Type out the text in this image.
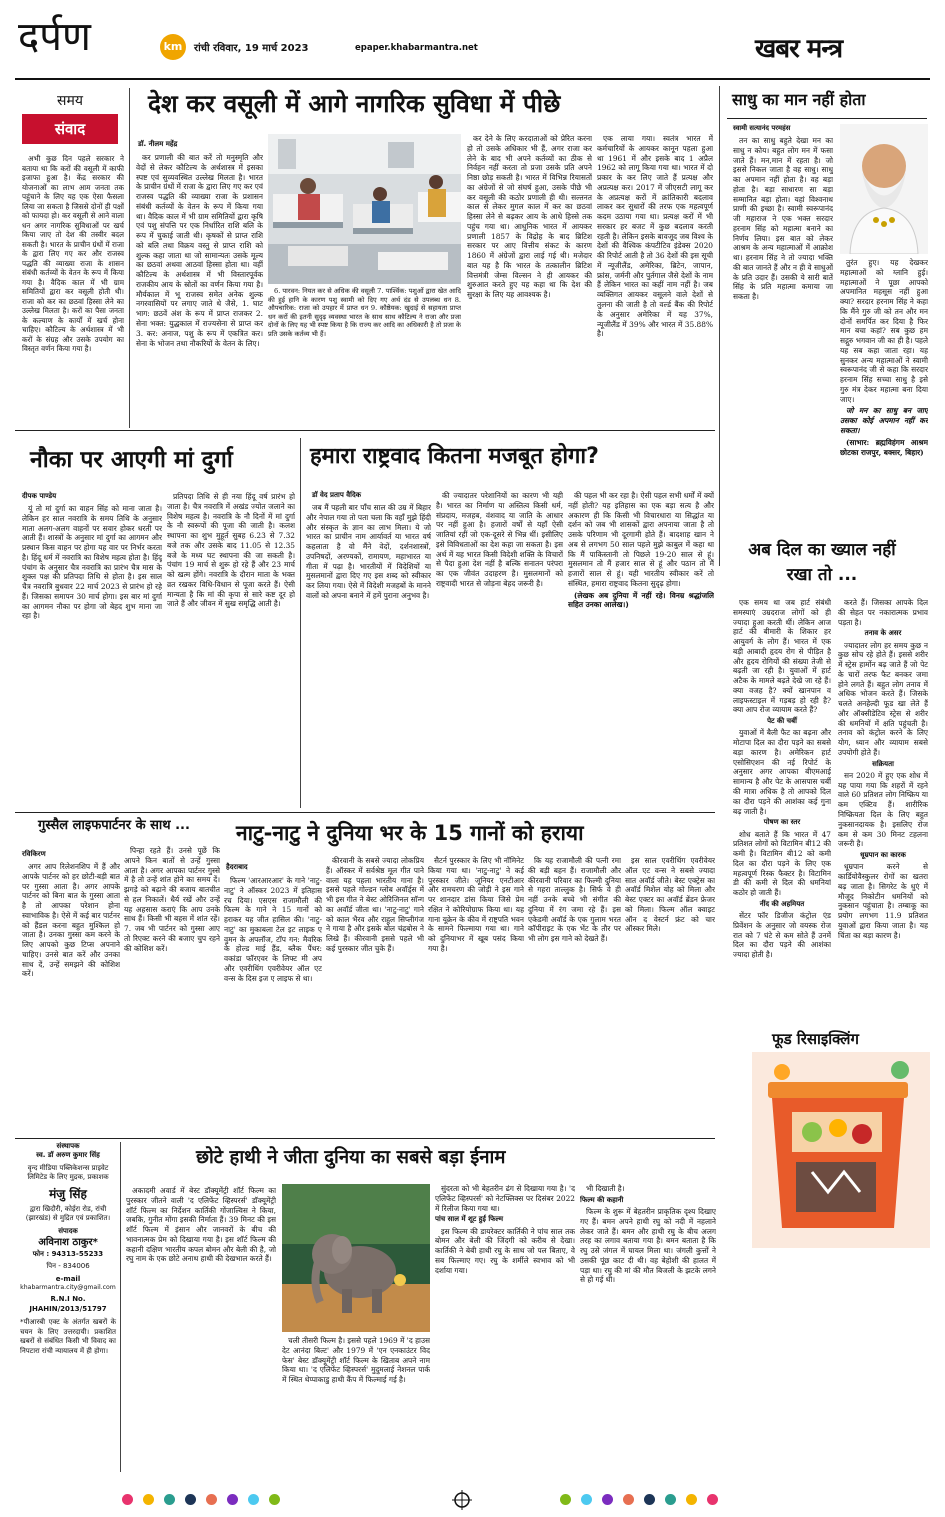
दर्पण	km	रांची रविवार, 19 मार्च 2023	epaper.khabarmantra.net	खबर मन्त्र
समय
संवाद

अभी कुछ दिन पहले सरकार ने बताया था कि करों की वसूली में काफी इजाफा हुआ है। केंद्र सरकार की योजनाओं का लाभ आम जनता तक पहुंचाने के लिए यह एक ऐसा फैसला लिया जा सकता है जिससे दोनों ही पक्षों को फायदा हो। कर वसूली से आने वाला धन अगर नागरिक सुविधाओं पर खर्च किया जाए तो देश की तस्वीर बदल सकती है। भारत के प्राचीन ग्रंथों में राजा के द्वारा लिए गए कर और राजस्व पद्धति की व्याख्या राजा के शासन संबंधी कर्तव्यों के वेतन के रूप में किया गया है। वैदिक काल में भी ग्राम समितियों द्वारा कर वसूली होती थी। राजा को कर का छठवां हिस्सा लेने का उल्लेख मिलता है। करों का पैसा जनता के कल्याण के कार्यों में खर्च होना चाहिए। कौटिल्य के अर्थशास्त्र में भी करों के संग्रह और उसके उपयोग का विस्तृत वर्णन किया गया है।

देश कर वसूली में आगे नागरिक सुविधा में पीछे
डॉ. नीलम महेंद्र

कर प्रणाली की बात करें तो मनुस्मृति और वेदों से लेकर कौटिल्य के अर्थशास्त्र में इसका स्पष्ट एवं सुव्यवस्थित उल्लेख मिलता है। भारत के प्राचीन ग्रंथों में राजा के द्वारा लिए गए कर एवं राजस्व पद्धति की व्याख्या राजा के प्रशासन संबंधी कर्तव्यों के वेतन के रूप में किया गया था। वैदिक काल में भी ग्राम समितियों द्वारा कृषि एवं पशु संपत्ति पर एक निर्धारित राशि बलि के रूप में चुकाई जाती थी। कृषकों से प्राप्त राशि को बलि तथा विक्रय वस्तु से प्राप्त राशि को शुल्क कहा जाता था जो सामान्यतः उसके मूल्य का छठवां अथवा आठवां हिस्सा होता था। वहीं कौटिल्य के अर्थशास्त्र में भी विस्तारपूर्वक राजकीय आय के स्रोतों का वर्णन किया गया है। मौर्यकाल में भू राजस्व समेत अनेक शुल्क नगरवासियों पर लगाए जाते थे जैसे, 1. घाट भाग: छठवें अंश के रूप में प्राप्त राजकर 2. सेना भक्त: युद्धकाल में राज्यसेना से प्राप्त कर 3. कर: अनाज, पशु के रूप में एकत्रित कर। सेना के भोजन तथा नौकरियों के वेतन के लिए।

6. पारवन: नियत कर से अधिक की वसूली 7. पार्श्विक: पशुओं द्वारा खेत आदि की हुई हानि के कारण पशु स्वामी को दिए गए अर्थ दंड से उपलब्ध धन 8. औपचारिक: राजा को उपहार में प्राप्त धन 9. कौष्ठेयक: खुदाई से सहायता प्राप्त धन करों की इतनी सुदृढ़ व्यवस्था भारत के साथ साथ कौटिल्य ने राजा और प्रजा दोनों के लिए यह भी स्पष्ट किया है कि राज्य कर आदि का अधिकारी है तो प्रजा के प्रति उसके कर्तव्य भी हैं।

कर देने के लिए करदाताओं को प्रेरित करना हो तो उसके अधिकार भी हैं, अगर राजा कर लेने के बाद भी अपने कर्तव्यों का ठीक से निर्वहन नहीं करता तो प्रजा उसके प्रति अपने निष्ठा छोड़ सकती है। भारत में विभिन्न रियासतों का अंग्रेजों से जो संघर्ष हुआ, उसके पीछे भी कर वसूली की कठोर प्रणाली ही थी। सल्तनत काल से लेकर मुगल काल में कर का छठवां हिस्सा लेने से बढ़कर आय के आधे हिस्से तक पहुंच गया था। आधुनिक भारत में आयकर प्रणाली 1857 के विद्रोह के बाद ब्रिटिश सरकार पर आए वित्तीय संकट के कारण 1860 में अंग्रेजों द्वारा लाई गई थी। मजेदार बात यह है कि भारत के तत्कालीन ब्रिटिश वित्तमंत्री जेम्स विल्सन ने ही आयकर की शुरुआत करते हुए यह कहा था कि देश की सुरक्षा के लिए यह आवश्यक है।

एक लाया गया। स्वतंत्र भारत में कर्मचारियों के आयकर कानून पहला हुआ था 1961 में और इसके बाद 1 अप्रैल 1962 को लागू किया गया था। भारत में दो प्रकार के कर लिए जाते हैं प्रत्यक्ष और अप्रत्यक्ष कर। 2017 में जीएसटी लागू कर के अप्रत्यक्ष करों में क्रांतिकारी बदलाव लाकर कर सुधारों की तरफ एक महत्वपूर्ण कदम उठाया गया था। प्रत्यक्ष करों में भी सरकार हर बजट में कुछ बदलाव करती रहती है। लेकिन इसके बावजूद जब विश्व के देशों की वैश्विक कंपटीटिव इंडेक्स 2020 की रिपोर्ट आती है तो 36 देशों की इस सूची में न्यूजीलैंड, अमेरिका, ब्रिटेन, जापान, फ्रांस, जर्मनी और पुर्तगाल जैसे देशों के नाम हैं लेकिन भारत का कहीं नाम नहीं है। जब व्यक्तिगत आयकर वसूलने वाले देशों से तुलना की जाती है तो वर्ल्ड बैंक की रिपोर्ट के अनुसार अमेरिका में यह 37%, न्यूजीलैंड में 39% और भारत में 35.88% है।

साधु का मान नहीं होता
स्वामी सत्यानंद परमहंस

तन का साधु बहुते देखा मन का साधु न कोय। बहुत लोग मन में फसा जाते हैं। मन,मान में रहता है। जो इससे निकल जाता है वह साधु। साधु का अपमान नहीं होता है। वह बड़ा होता है। बड़ा साधारण सा बड़ा सम्मानित बड़ा होता। यहां विश्वनाथ प्राणी की इच्छा है। स्वामी स्वरूपानंद जी महाराज ने एक भक्त सरदार हरनाम सिंह को महात्मा बनाने का निर्णय लिया। इस बात को लेकर आश्रम के अन्य महात्माओं में आक्रोश था। हरनाम सिंह ने तो ज्यादा भक्ति की बात जानते हैं और न ही वे साधुओं के प्रति उदार हैं। उसकी ये सारी बातें सिंह के प्रति महात्मा कमाया जा सकता है।

तुरंत हुए। यह देखकर महात्माओं को ग्लानि हुई। महात्माओं ने पूछा आपको अपमानित महसूस नहीं हुआ क्या? सरदार हरनाम सिंह ने कहा कि मैंने गुरु जी को तन और मन दोनों समर्पित कर दिया है फिर मान बचा कहां? सब कुछ हम सद्गुरु भगवान जी का ही है। पहले यह सब कहा जाता रहा। यह सुनकर अन्य महात्माओं ने स्वामी स्वरूपानंद जी से कहा कि सरदार हरनाम सिंह सच्चा साधु है इसे गुरु मंत्र देकर महात्मा बना दिया जाए।

जो मन का साधु बन जाए उसका कोई अपमान नहीं कर सकता।

(साभार: ब्रह्मविहंगम आश्रम छोटका राजपुर, बक्सर, बिहार)

नौका पर आएगी मां दुर्गा
दीपक पाण्डेय

यूं तो मां दुर्गा का वाहन सिंह को माना जाता है। लेकिन हर साल नवरात्रि के समय तिथि के अनुसार माता अलग-अलग वाहनों पर सवार होकर धरती पर आती हैं। शास्त्रों के अनुसार मां दुर्गा का आगमन और प्रस्थान किस वाहन पर होगा यह वार पर निर्भर करता है। हिंदू धर्म में नवरात्रि का विशेष महत्व होता है। हिंदू पंचांग के अनुसार चैत्र नवरात्रि का प्रारंभ चैत्र मास के शुक्ल पक्ष की प्रतिपदा तिथि से होता है। इस साल चैत्र नवरात्रि बुधवार 22 मार्च 2023 से प्रारंभ हो रहे हैं। जिसका समापन 30 मार्च होगा। इस बार मां दुर्गा का आगमन नौका पर होगा जो बेहद शुभ माना जा रहा है।

प्रतिपदा तिथि से ही नया हिंदू वर्ष प्रारंभ हो जाता है। चैत्र नवरात्रि में अखंड ज्योत जलाने का विशेष महत्व है। नवरात्रि के नौ दिनों में मां दुर्गा के नौ स्वरूपों की पूजा की जाती है। कलश स्थापना का शुभ मुहूर्त सुबह 6.23 से 7.32 बजे तक और उसके बाद 11.05 से 12.35 बजे के मध्य घट स्थापना की जा सकती है। पंचांग 19 मार्च से शुरू हो रहे हैं और 23 मार्च को खत्म होंगे। नवरात्रि के दौरान माता के भक्त व्रत रखकर विधि-विधान से पूजा करते हैं। ऐसी मान्यता है कि मां की कृपा से सारे कष्ट दूर हो जाते हैं और जीवन में सुख समृद्धि आती है।

हमारा राष्ट्रवाद कितना मजबूत होगा?
डॉ वेद प्रताप वैदिक

जब मैं पहली बार पाँच साल की उम्र में बिहार और नेपाल गया तो पता चला कि वहाँ मुझे हिंदी और संस्कृत के ज्ञान का लाभ मिला। ये जो भारत का प्राचीन नाम आर्यावर्त या भारत वर्ष कहलाता है वो मैंने वेदों, दर्शनशास्त्रों, उपनिषदों, अरण्यकों, रामायण, महाभारत या गीता में पढ़ा है। भारतीयों में विदेशियों या मुसलमानों द्वारा दिए गए इस शब्द को स्वीकार कर लिया गया। ऐसे में विदेशी मजहबों के मानने वालों को अपना बनाने में हमें पुराना अनुभव है।

की ज्यादातर परेशानियों का कारण भी यही है। भारत का निर्माण या अस्तित्व किसी धर्म, संप्रदाय, मजहब, वंशवाद या जाति के आधार पर नहीं हुआ है। हजारों वर्षों से यहाँ ऐसी जातियां रहीं जो एक-दूसरे से भिन्न थीं। इसीलिए इसे विविधताओं का देश कहा जा सकता है। इस अर्थ में यह भारत किसी विदेशी शक्ति के विचारों से पैदा हुआ देश नहीं है बल्कि सनातन परंपरा का एक जीवंत उदाहरण है। मुसलमानों को राष्ट्रवादी भारत से जोड़ना बेहद जरूरी है।

की पहल भी कर रहा है। ऐसी पहल सभी धर्मों में क्यों नहीं होती? यह इतिहास का एक बड़ा सत्य है और अकारण ही कि किसी भी विचारधारा या सिद्धांत या दर्शन को जब भी शासकों द्वारा अपनाया जाता है तो उसके परिणाम भी दूरगामी होते हैं। बादशाह खान ने अब से लगभग 50 साल पहले मुझे काबुल में कहा था कि मैं पाकिस्तानी तो पिछले 19-20 साल से हूं। मुसलमान तो मैं हजार साल से हूं और पठान तो मैं हजारों साल से हूं। यही भारतीय स्वीकार करें तो संस्थित, हमारा राष्ट्रवाद कितना सुदृढ़ होगा।

(लेखक अब दुनिया में नहीं रहे। विनम्र श्रद्धांजलि सहित उनका आलेख।)

अब दिल का ख्याल नहीं
रखा तो ...

एक समय था जब हार्ट संबंधी समस्याएं उम्रदराज लोगों को ही ज्यादा हुआ करती थीं। लेकिन आज हार्ट की बीमारी के शिकार हर आयुवर्ग के लोग हैं। भारत में एक बड़ी आबादी हृदय रोग से पीड़ित है और हृदय रोगियों की संख्या तेजी से बढ़ती जा रही है। युवाओं में हार्ट अटैक के मामले बढ़ते देखे जा रहे हैं। क्या वजह है? क्यों खानपान व लाइफस्टाइल में गड़बड़ हो रही है? क्या आप रोज व्यायाम करते हैं?

पेट की चर्बी

युवाओं में बैली फैट का बढ़ना और मोटापा दिल का दौरा पड़ने का सबसे बड़ा कारण है। अमेरिकन हार्ट एसोसिएशन की नई रिपोर्ट के अनुसार अगर आपका बीएमआई सामान्य है और पेट के आसपास चर्बी की मात्रा अधिक है तो आपको दिल का दौरा पड़ने की आशंका कई गुना बढ़ जाती है।

पोषण का स्तर

शोध बताते हैं कि भारत में 47 प्रतिशत लोगों को विटामिन बी12 की कमी है। विटामिन बी12 को कमी दिल का दौरा पड़ने के लिए एक महत्वपूर्ण रिस्क फैक्टर है। विटामिन डी की कमी से दिल की धमनियां कठोर हो जाती हैं।

नींद की अहमियत

सेंटर फॉर डिजीज कंट्रोल एंड प्रिवेंशन के अनुसार जो वयस्क रोज रात को 7 घंटे से कम सोते हैं उनमें दिल का दौरा पड़ने की आशंका ज्यादा होती है।

करते हैं। जिसका आपके दिल की सेहत पर नकारात्मक प्रभाव पड़ता है।

तनाव के असर

ज्यादातर लोग हर समय कुछ न कुछ सोच रहे होते हैं। इससे शरीर में स्ट्रेस हार्मोन बढ़ जाते हैं जो पेट के चारों तरफ फैट बनकर जमा होने लगते हैं। बहुत लोग तनाव में अधिक भोजन करते हैं। जिसके चलते अनहेल्दी फूड खा लेते हैं और ऑक्सीडेटिव स्ट्रेस से शरीर की धमनियों में क्षति पहुंचती है। तनाव को कंट्रोल करने के लिए योग, ध्यान और व्यायाम सबसे उपयोगी होते हैं।

सक्रियता

सन 2020 में हुए एक शोध में यह पाया गया कि शहरों में रहने वाले 60 प्रतिशत लोग निष्क्रिय या कम एक्टिव हैं। शारीरिक निष्क्रियता दिल के लिए बहुत नुकसानदायक है। इसलिए रोज कम से कम 30 मिनट टहलना जरूरी है।

धूम्रपान का कारक

धूम्रपान करने से कार्डियोवैस्कुलर रोगों का खतरा बढ़ जाता है। सिगरेट के धुएं में मौजूद निकोटीन धमनियों को नुकसान पहुंचाता है। तम्बाकू का प्रयोग लगभग 11.9 प्रतिशत युवाओं द्वारा किया जाता है। यह चिंता का बड़ा कारण है।

फूड रिसाइक्लिंग
गुस्सैल लाइफपार्टनर के साथ ...
रविकिरण

अगर आप रिलेशनशिप में हैं और आपके पार्टनर को हर छोटी-बड़ी बात पर गुस्सा आता है। अगर आपके पार्टनर को बिना बात के गुस्सा आता है तो आपका परेशान होना स्वाभाविक है। ऐसे में कई बार पार्टनर को हैंडल करना बहुत मुश्किल हो जाता है। उनका गुस्सा कम करने के लिए आपको कुछ टिप्स अपनाने चाहिए। उनसे बात करें और उनका साथ दें, उन्हें समझने की कोशिश करें।

पिन्हा रहते हैं। उनसे पूछें कि आपने किन बातों से उन्हें गुस्सा आता है। अगर आपका पार्टनर गुस्से में है तो उन्हें शांत होने का समय दें। झगड़े को बढ़ाने की बजाय बातचीत से हल निकालें। धैर्य रखें और उन्हें यह अहसास कराएं कि आप उनके साथ हैं। किसी भी बहस में शांत रहें। 7. जब भी पार्टनर को गुस्सा आए तो रिएक्ट करने की बजाए चुप रहने की कोशिश करें।

नाटु-नाटु ने दुनिया भर के 15 गानों को हराया
हैदराबाद

फिल्म 'आरआरआर' के गाने 'नाटु-नाटु' ने ऑस्कर 2023 में इतिहास रच दिया। एसएस राजामौली की फिल्म के गाने ने 15 गानों को हराकर यह जीत हासिल की। 'नाटु-नाटु' का मुकाबला टेल इट लाइक ए वुमन के अपलॉज, टॉप गन: मैवरिक के होल्ड माई हैंड, ब्लैक पैंथर: वकांडा फॉरएवर के लिफ्ट मी अप और एवरीथिंग एवरीवेयर ऑल एट वन्स के दिस इज ए लाइफ से था।

कीरवानी के सबसे ज्यादा लोकप्रिय हैं। ऑस्कर में सर्वश्रेष्ठ मूल गीत पाने वाला यह पहला भारतीय गाना है। इससे पहले गोल्डन ग्लोब अवॉर्ड्स में भी इस गीत ने बेस्ट ओरिजिनल सॉन्ग का अवॉर्ड जीता था। 'नाटु-नाटु' गाने को काल भैरव और राहुल सिप्लीगंज ने गाया है और इसके बोल चंद्रबोस ने लिखे हैं। कीरवानी इससे पहले भी कई पुरस्कार जीत चुके हैं।

सैटर्न पुरस्कार के लिए भी नॉमिनेट किया गया था। 'नाटु-नाटु' ने कई पुरस्कार जीते। जूनियर एनटीआर और रामचरण की जोड़ी ने इस गाने पर शानदार डांस किया जिसे प्रेम रक्षित ने कोरियोग्राफ किया था। यह गाना यूक्रेन के कीव में राष्ट्रपति भवन के सामने फिल्माया गया था। गाने को दुनियाभर में खूब पसंद किया गया है।

कि यह राजामौली की पत्नी रमा की बड़ी बहन हैं। राजामौली और कीरवानी परिवार का फिल्मी दुनिया से गहरा ताल्लुक है। सिर्फ वे ही नहीं उनके बच्चे भी संगीत की दुनिया में रंग जमा रहे हैं। इस एकेडमी अवॉर्ड के एक गुलाम भरत कॉपीराइट के एक भेंट के तौर पर भी लोग इस गाने को देखते हैं।

इस साल एवरीथिंग एवरीवेयर ऑल एट वन्स ने सबसे ज्यादा सात अवॉर्ड जीते। बेस्ट एक्ट्रेस का अवॉर्ड मिशेल योह को मिला और बेस्ट एक्टर का अवॉर्ड ब्रेंडन फ्रेजर को मिला। फिल्म ऑल क्वाइट ऑन द वेस्टर्न फ्रंट को चार ऑस्कर मिले।

संस्थापक
स्व. डॉ अरुण कुमार सिंह
वृन्द मीडिया पब्लिकेशन्स प्राइवेट लिमिटेड के लिए मुद्रक, प्रकाशक
मंजु सिंह
द्वारा खिदौरी, कोईरा रोड, रांची (झारखंड) से मुद्रित एवं प्रकाशित।
संपादक
अविनाश ठाकुर*
फोन : 94313-55233
पिन - 834006
e-mail
khabarmantra.city@gmail.com
R.N.I No. JHAHIN/2013/51797
*पीआरबी एक्ट के अंतर्गत खबरों के चयन के लिए उत्तरदायी। प्रकाशित खबरों से संबंधित किसी भी विवाद का निपटारा रांची न्यायालय में ही होगा।
छोटे हाथी ने जीता दुनिया का सबसे बड़ा ईनाम

अकादमी अवार्ड में बेस्ट डॉक्यूमेंट्री शॉर्ट फिल्म का पुरस्कार जीतने वाली 'द एलिफेंट व्हिस्परर्स' डॉक्यूमेंट्री शॉर्ट फिल्म का निर्देशन कार्तिकी गोंजाल्विस ने किया, जबकि, गुनीत मोंगा इसकी निर्माता हैं। 39 मिनट की इस शॉर्ट फिल्म में इंसान और जानवरों के बीच की भावनात्मक प्रेम को दिखाया गया है। इस शॉर्ट फिल्म की कहानी दक्षिण भारतीय कपल बोमन और बेली की है, जो रघु नाम के एक छोटे अनाथ हाथी की देखभाल करते हैं।

चली तीसरी फिल्म है। इससे पहले 1969 में 'द हाउस देट आनंदा बिल्ट' और 1979 में 'एन एनकाउंटर विद फेस' बेस्ट डॉक्यूमेंट्री शॉर्ट फिल्म के खिताब अपने नाम किया था। 'द एलिफेंट व्हिस्परर्स' मुदुमलाई नेशनल पार्क में स्थित थेप्पाकाडु हाथी कैंप में फिल्माई गई है।

सुंदरता को भी बेहतरीन ढंग से दिखाया गया है। 'द एलिफेंट व्हिस्परर्स' को नेटफ्लिक्स पर दिसंबर 2022 में रिलीज किया गया था।

पांच साल में शूट हुई फिल्म

इस फिल्म की डायरेक्टर कार्तिकी ने पांच साल तक बोमन और बेली की जिंदगी को करीब से देखा। कार्तिकी ने बेबी हाथी रघु के साथ जो पल बिताए, वे सब फिल्माए गए। रघु के शर्मीले स्वभाव को भी दर्शाया गया।

भी दिखाती है।

फिल्म की कहानी

फिल्म के शुरू में बेहतरीन प्राकृतिक दृश्य दिखाए गए हैं। बमन अपने हाथी रघु को नदी में नहलाने लेकर जाते हैं। बमन और हाथी रघु के बीच अलग तरह का लगाव बताया गया है। बमन बताता है कि रघु उसे जंगल में घायल मिला था। जंगली कुत्तों ने उसकी पूंछ काट दी थी। वह बेहोशी की हालत में पड़ा था। रघु की मां की मौत बिजली के झटके लगने से हो गई थी।
